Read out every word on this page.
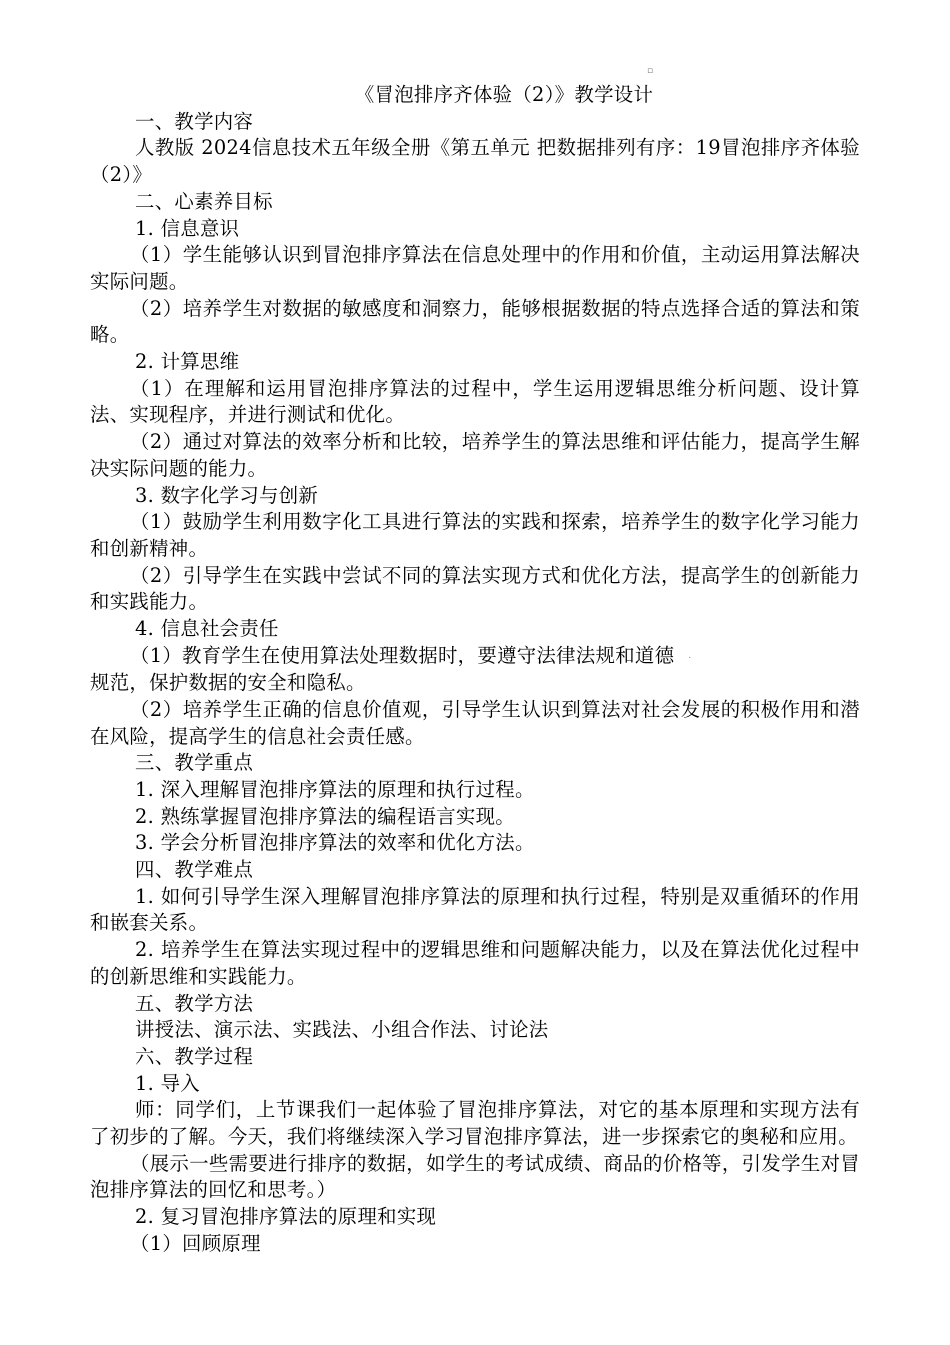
▫

《冒泡排序齐体验（2）》教学设计

一、教学内容

人教版 2024信息技术五年级全册《第五单元 把数据排列有序：19冒泡排序齐体验（2）》

二、心素养目标

1. 信息意识

（1）学生能够认识到冒泡排序算法在信息处理中的作用和价值，主动运用算法解决实际问题。

（2）培养学生对数据的敏感度和洞察力，能够根据数据的特点选择合适的算法和策略。

2. 计算思维

（1）在理解和运用冒泡排序算法的过程中，学生运用逻辑思维分析问题、设计算法、实现程序，并进行测试和优化。

（2）通过对算法的效率分析和比较，培养学生的算法思维和评估能力，提高学生解决实际问题的能力。

3. 数字化学习与创新

（1）鼓励学生利用数字化工具进行算法的实践和探索，培养学生的数字化学习能力和创新精神。

（2）引导学生在实践中尝试不同的算法实现方式和优化方法，提高学生的创新能力和实践能力。

4. 信息社会责任

（1）教育学生在使用算法处理数据时，要遵守法律法规和道德 .

规范，保护数据的安全和隐私。

（2）培养学生正确的信息价值观，引导学生认识到算法对社会发展的积极作用和潜在风险，提高学生的信息社会责任感。

三、教学重点

1. 深入理解冒泡排序算法的原理和执行过程。

2. 熟练掌握冒泡排序算法的编程语言实现。

3. 学会分析冒泡排序算法的效率和优化方法。

四、教学难点

1. 如何引导学生深入理解冒泡排序算法的原理和执行过程，特别是双重循环的作用和嵌套关系。

2. 培养学生在算法实现过程中的逻辑思维和问题解决能力，以及在算法优化过程中的创新思维和实践能力。

五、教学方法

讲授法、演示法、实践法、小组合作法、讨论法

六、教学过程

1. 导入

师：同学们，上节课我们一起体验了冒泡排序算法，对它的基本原理和实现方法有了初步的了解。今天，我们将继续深入学习冒泡排序算法，进一步探索它的奥秘和应用。

（展示一些需要进行排序的数据，如学生的考试成绩、商品的价格等，引发学生对冒泡排序算法的回忆和思考。）

2. 复习冒泡排序算法的原理和实现

（1）回顾原理
